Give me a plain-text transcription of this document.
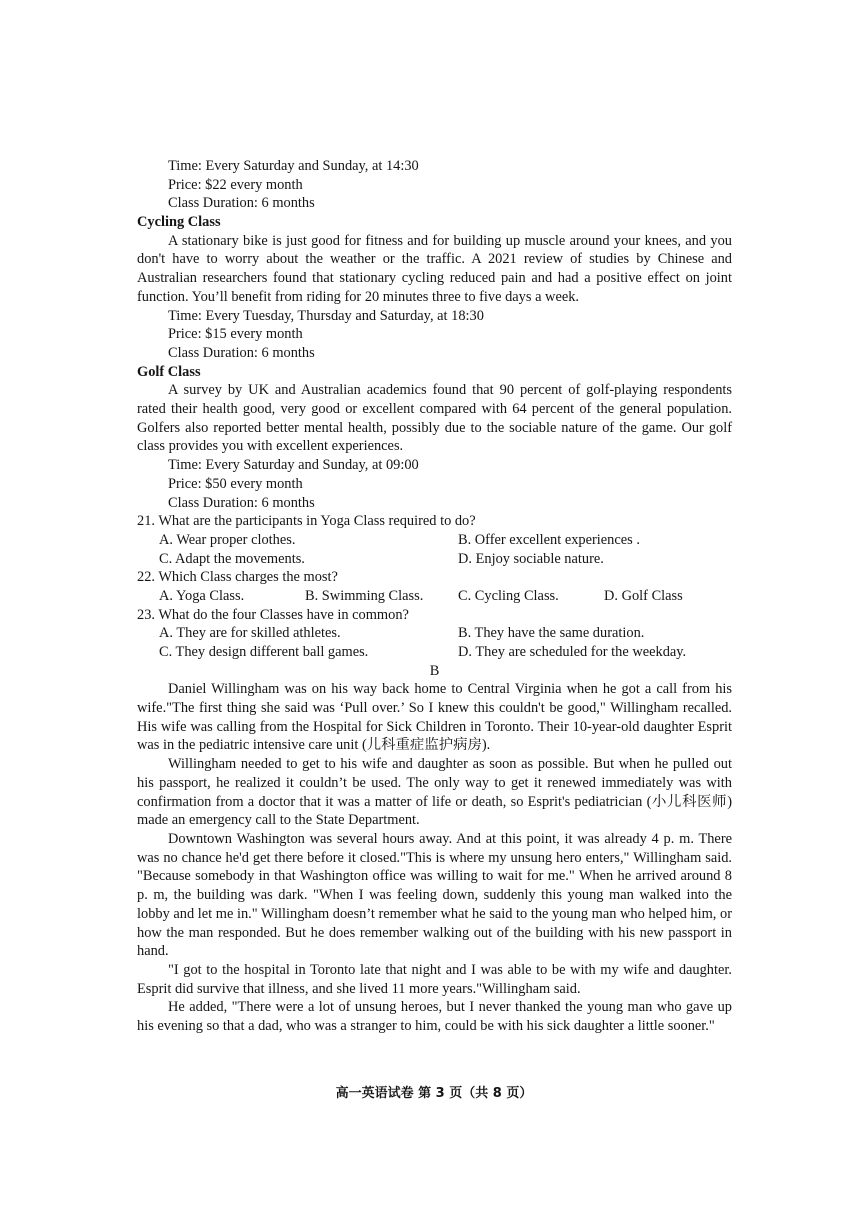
Time: Every Saturday and Sunday, at 14:30
Price: $22 every month
Class Duration: 6 months
Cycling Class
A stationary bike is just good for fitness and for building up muscle around your knees, and you don't have to worry about the weather or the traffic. A 2021 review of studies by Chinese and Australian researchers found that stationary cycling reduced pain and had a positive effect on joint function. You’ll benefit from riding for 20 minutes three to five days a week.
Time: Every Tuesday, Thursday and Saturday, at 18:30
Price: $15 every month
Class Duration: 6 months
Golf Class
A survey by UK and Australian academics found that 90 percent of golf-playing respondents rated their health good, very good or excellent compared with 64 percent of the general population. Golfers also reported better mental health, possibly due to the sociable nature of the game. Our golf class provides you with excellent experiences.
Time: Every Saturday and Sunday, at 09:00
Price: $50 every month
Class Duration: 6 months
21. What are the participants in Yoga Class required to do?
A. Wear proper clothes.	B. Offer excellent experiences .
C. Adapt the movements.	D. Enjoy sociable nature.
22. Which Class charges the most?
A. Yoga Class.	B. Swimming Class. C. Cycling Class.	D. Golf Class
23. What do the four Classes have in common?
A. They are for skilled athletes.	B. They have the same duration.
C. They design different ball games.	D. They are scheduled for the weekday.
B
Daniel Willingham was on his way back home to Central Virginia when he got a call from his wife."The first thing she said was ‘Pull over.’ So I knew this couldn't be good," Willingham recalled. His wife was calling from the Hospital for Sick Children in Toronto. Their 10-year-old daughter Esprit was in the pediatric intensive care unit (儿科重症监护病房).
Willingham needed to get to his wife and daughter as soon as possible. But when he pulled out his passport, he realized it couldn’t be used. The only way to get it renewed immediately was with confirmation from a doctor that it was a matter of life or death, so Esprit's pediatrician (小儿科医师) made an emergency call to the State Department.
Downtown Washington was several hours away. And at this point, it was already 4 p. m. There was no chance he'd get there before it closed."This is where my unsung hero enters," Willingham said. "Because somebody in that Washington office was willing to wait for me." When he arrived around 8 p. m, the building was dark. "When I was feeling down, suddenly this young man walked into the lobby and let me in." Willingham doesn’t remember what he said to the young man who helped him, or how the man responded. But he does remember walking out of the building with his new passport in hand.
"I got to the hospital in Toronto late that night and I was able to be with my wife and daughter. Esprit did survive that illness, and she lived 11 more years."Willingham said.
He added, "There were a lot of unsung heroes, but I never thanked the young man who gave up his evening so that a dad, who was a stranger to him, could be with his sick daughter a little sooner."
高一英语试卷 第 3 页（共 8 页）
